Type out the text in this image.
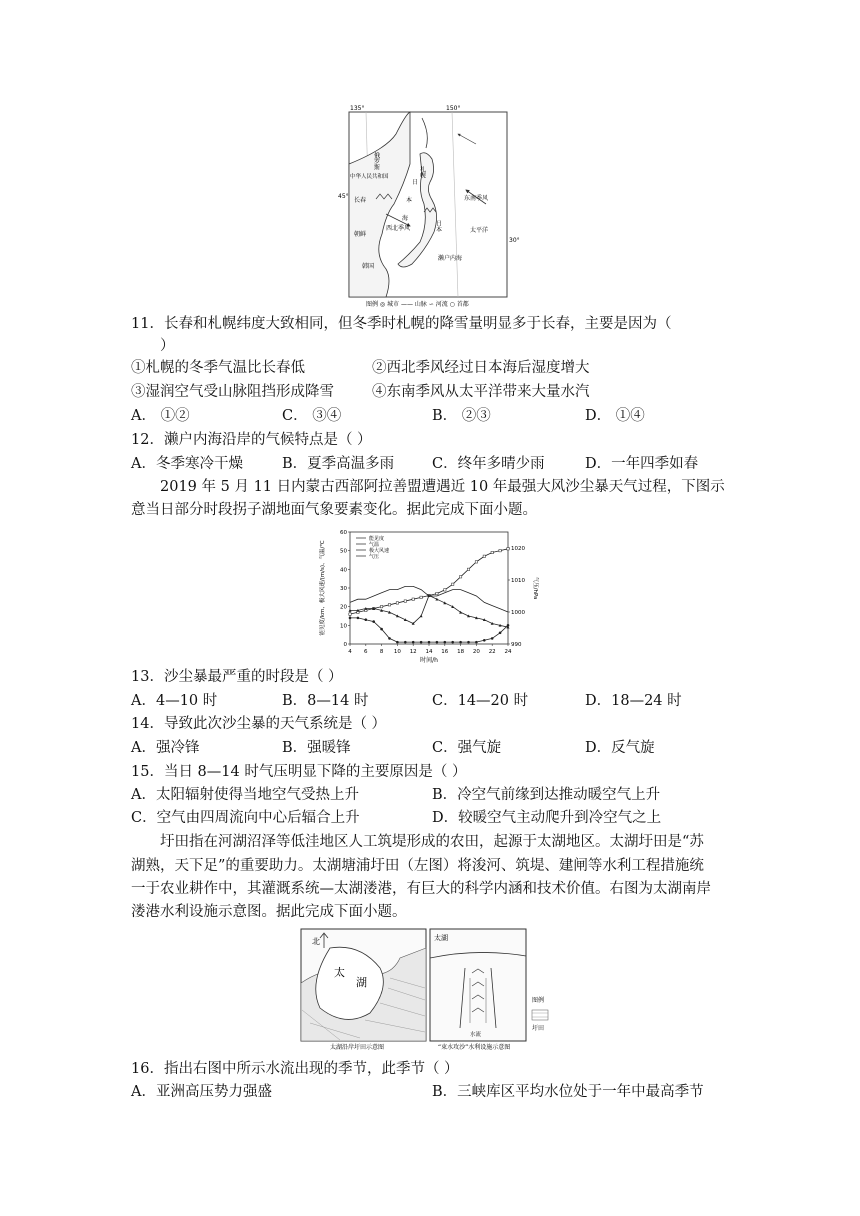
135°	150°
45°
30°
俄罗斯
中华人民共和国
长春
札幌
日
本
海
日本
西北季风
东南季风
太平洋
朝鲜
韩国
濑户内海
图例 ◎ 城市 —— 山脉 ∽ 河流 ○ 首都
11．长春和札幌纬度大致相同，但冬季时札幌的降雪量明显多于长春，主要是因为（
）
①札幌的冬季气温比长春低	②西北季风经过日本海后湿度增大
③湿润空气受山脉阻挡形成降雪	④东南季风从太平洋带来大量水汽
A． ①②	C． ③④	B． ②③	D． ①④
12．濑户内海沿岸的气候特点是（ ）
A．冬季寒冷干燥	B．夏季高温多雨	C．终年多晴少雨	D．一年四季如春
2019 年 5 月 11 日内蒙古西部阿拉善盟遭遇近 10 年最强大风沙尘暴天气过程，下图示
意当日部分时段拐子湖地面气象要素变化。据此完成下面小题。
4 6 8 10 12 14 16 18 20 22 24
0
10
20
30
40
50
60
990
1000
1010
1020
时间/h
能见度/km、极大风速/(m/s)、气温/℃	气压/hPa
能见度
气温
极大风速
气压
13．沙尘暴最严重的时段是（ ）
A．4—10 时	B．8—14 时	C．14—20 时	D．18—24 时
14．导致此次沙尘暴的天气系统是（ ）
A．强冷锋	B．强暖锋	C．强气旋	D．反气旋
15．当日 8—14 时气压明显下降的主要原因是（ ）
A．太阳辐射使得当地空气受热上升	B．冷空气前缘到达推动暖空气上升
C．空气由四周流向中心后辐合上升	D．较暖空气主动爬升到冷空气之上
圩田指在河湖沼泽等低洼地区人工筑堤形成的农田，起源于太湖地区。太湖圩田是“苏
湖熟，天下足”的重要助力。太湖塘浦圩田（左图）将浚河、筑堤、建闸等水利工程措施统
一于农业耕作中，其灌溉系统—太湖溇港，有巨大的科学内涵和技术价值。右图为太湖南岸
溇港水利设施示意图。据此完成下面小题。
北
太
湖
太湖沿岸圩田示意图
太湖
水流
“束水攻沙”水利设施示意图
图例
圩田
16．指出右图中所示水流出现的季节，此季节（ ）
A．亚洲高压势力强盛	B．三峡库区平均水位处于一年中最高季节
